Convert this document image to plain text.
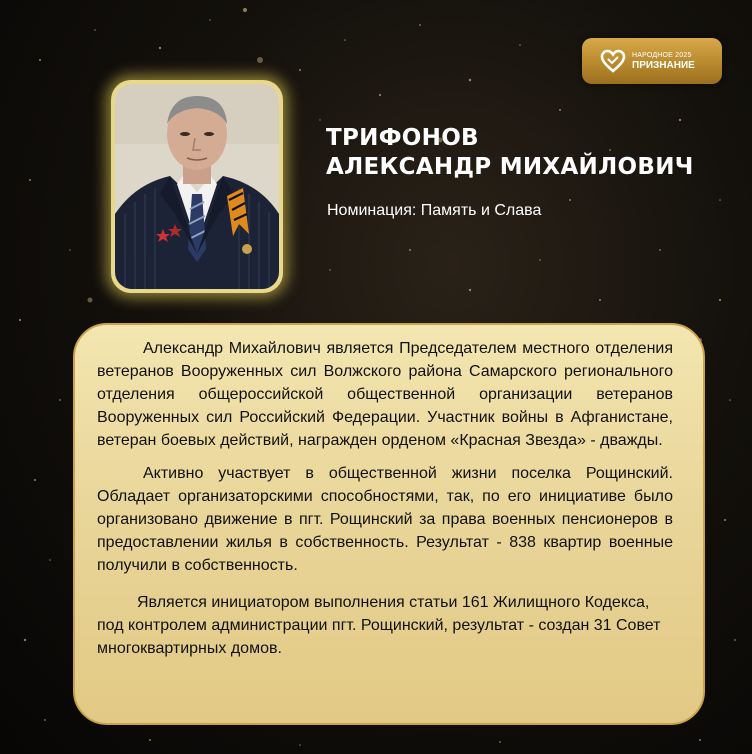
НАРОДНОЕ 2025
ПРИЗНАНИЕ
ТРИФОНОВ
АЛЕКСАНДР МИХАЙЛОВИЧ
Номинация: Память и Слава

Александр Михайлович является Председателем местного отделения ветеранов Вооруженных сил Волжского района Самарского регионального отделения общероссийской общественной организации ветеранов Вооруженных сил Российский Федерации. Участник войны в Афганистане, ветеран боевых действий, награжден орденом «Красная Звезда» - дважды.

Активно участвует в общественной жизни поселка Рощинский. Обладает организаторскими способностями, так, по его инициативе было организовано движение в пгт. Рощинский за права военных пенсионеров в предоставлении жилья в собственность. Результат - 838 квартир военные получили в собственность.

Является инициатором выполнения статьи 161 Жилищного Кодекса, под контролем администрации пгт. Рощинский, результат - создан 31 Совет многоквартирных домов.
